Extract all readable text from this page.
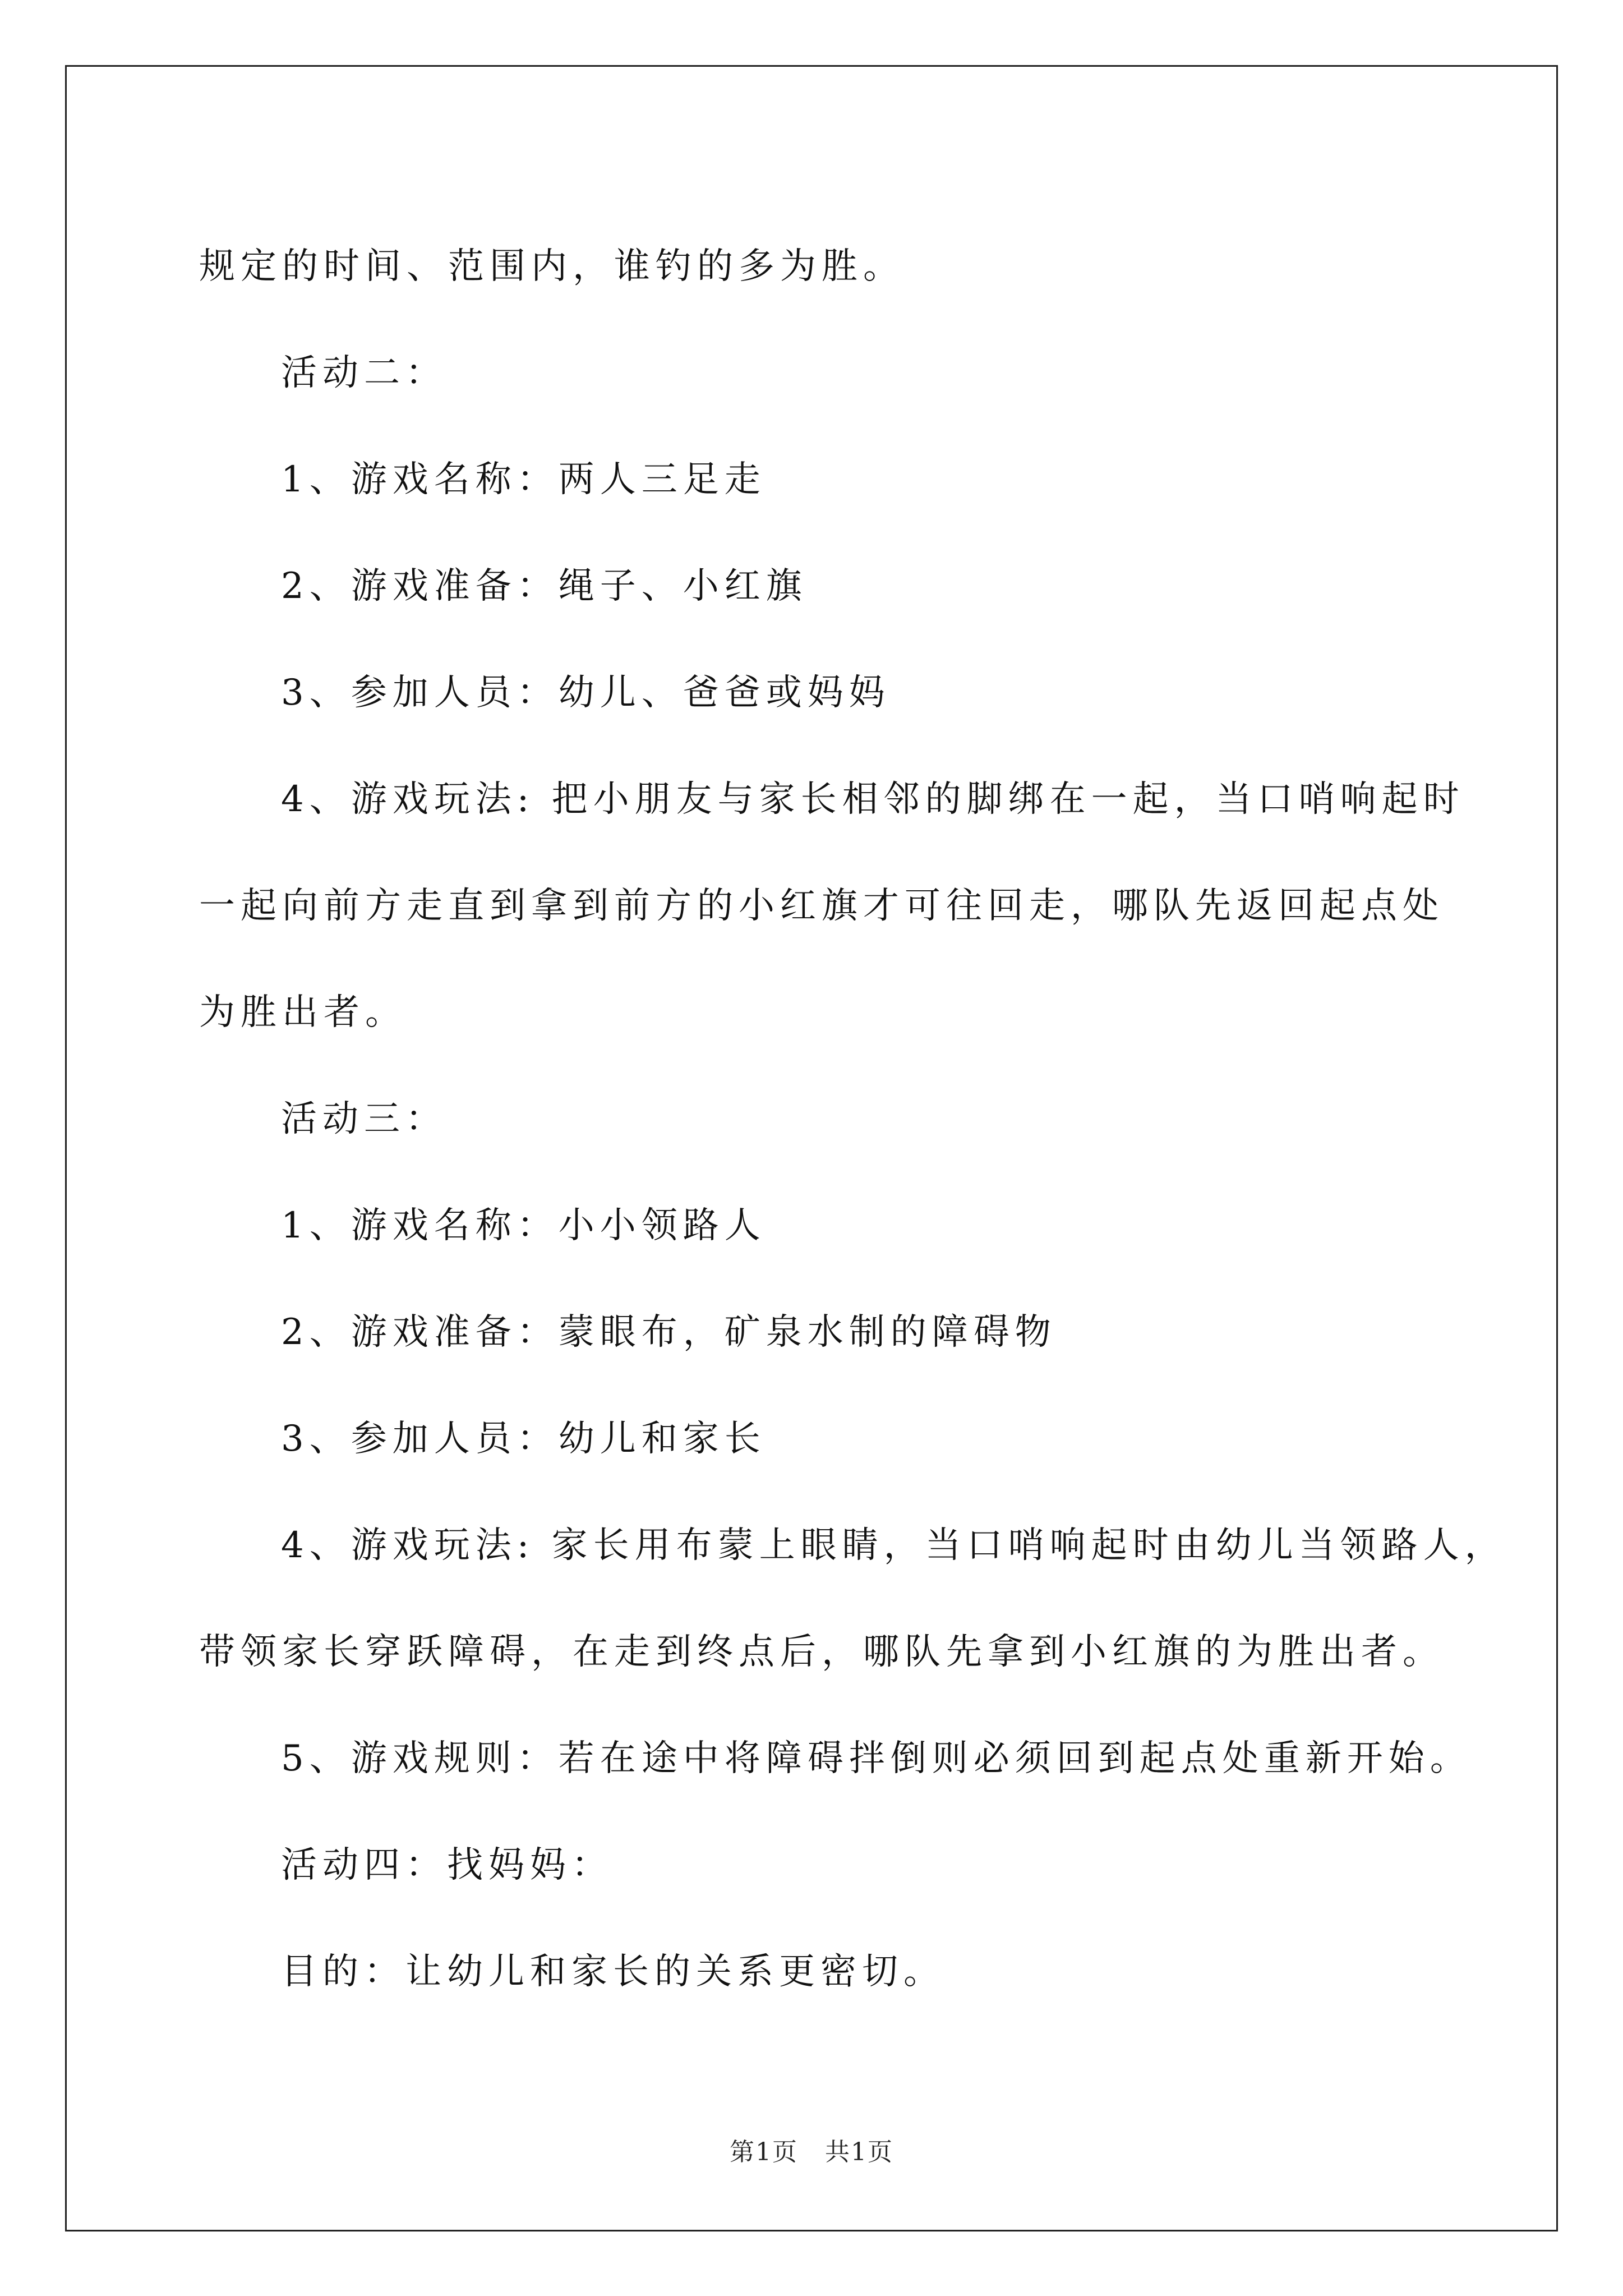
规定的时间、范围内，谁钓的多为胜。

活动二：

1、游戏名称：两人三足走

2、游戏准备：绳子、小红旗

3、参加人员：幼儿、爸爸或妈妈

4、游戏玩法: 把小朋友与家长相邻的脚绑在一起，当口哨响起时

一起向前方走直到拿到前方的小红旗才可往回走，哪队先返回起点处

为胜出者。

活动三：

1、游戏名称：小小领路人

2、游戏准备：蒙眼布，矿泉水制的障碍物

3、参加人员：幼儿和家长

4、游戏玩法: 家长用布蒙上眼睛，当口哨响起时由幼儿当领路人，

带领家长穿跃障碍，在走到终点后，哪队先拿到小红旗的为胜出者。

5、游戏规则：若在途中将障碍拌倒则必须回到起点处重新开始。

活动四：找妈妈：

目的：让幼儿和家长的关系更密切。

第1页 共1页
